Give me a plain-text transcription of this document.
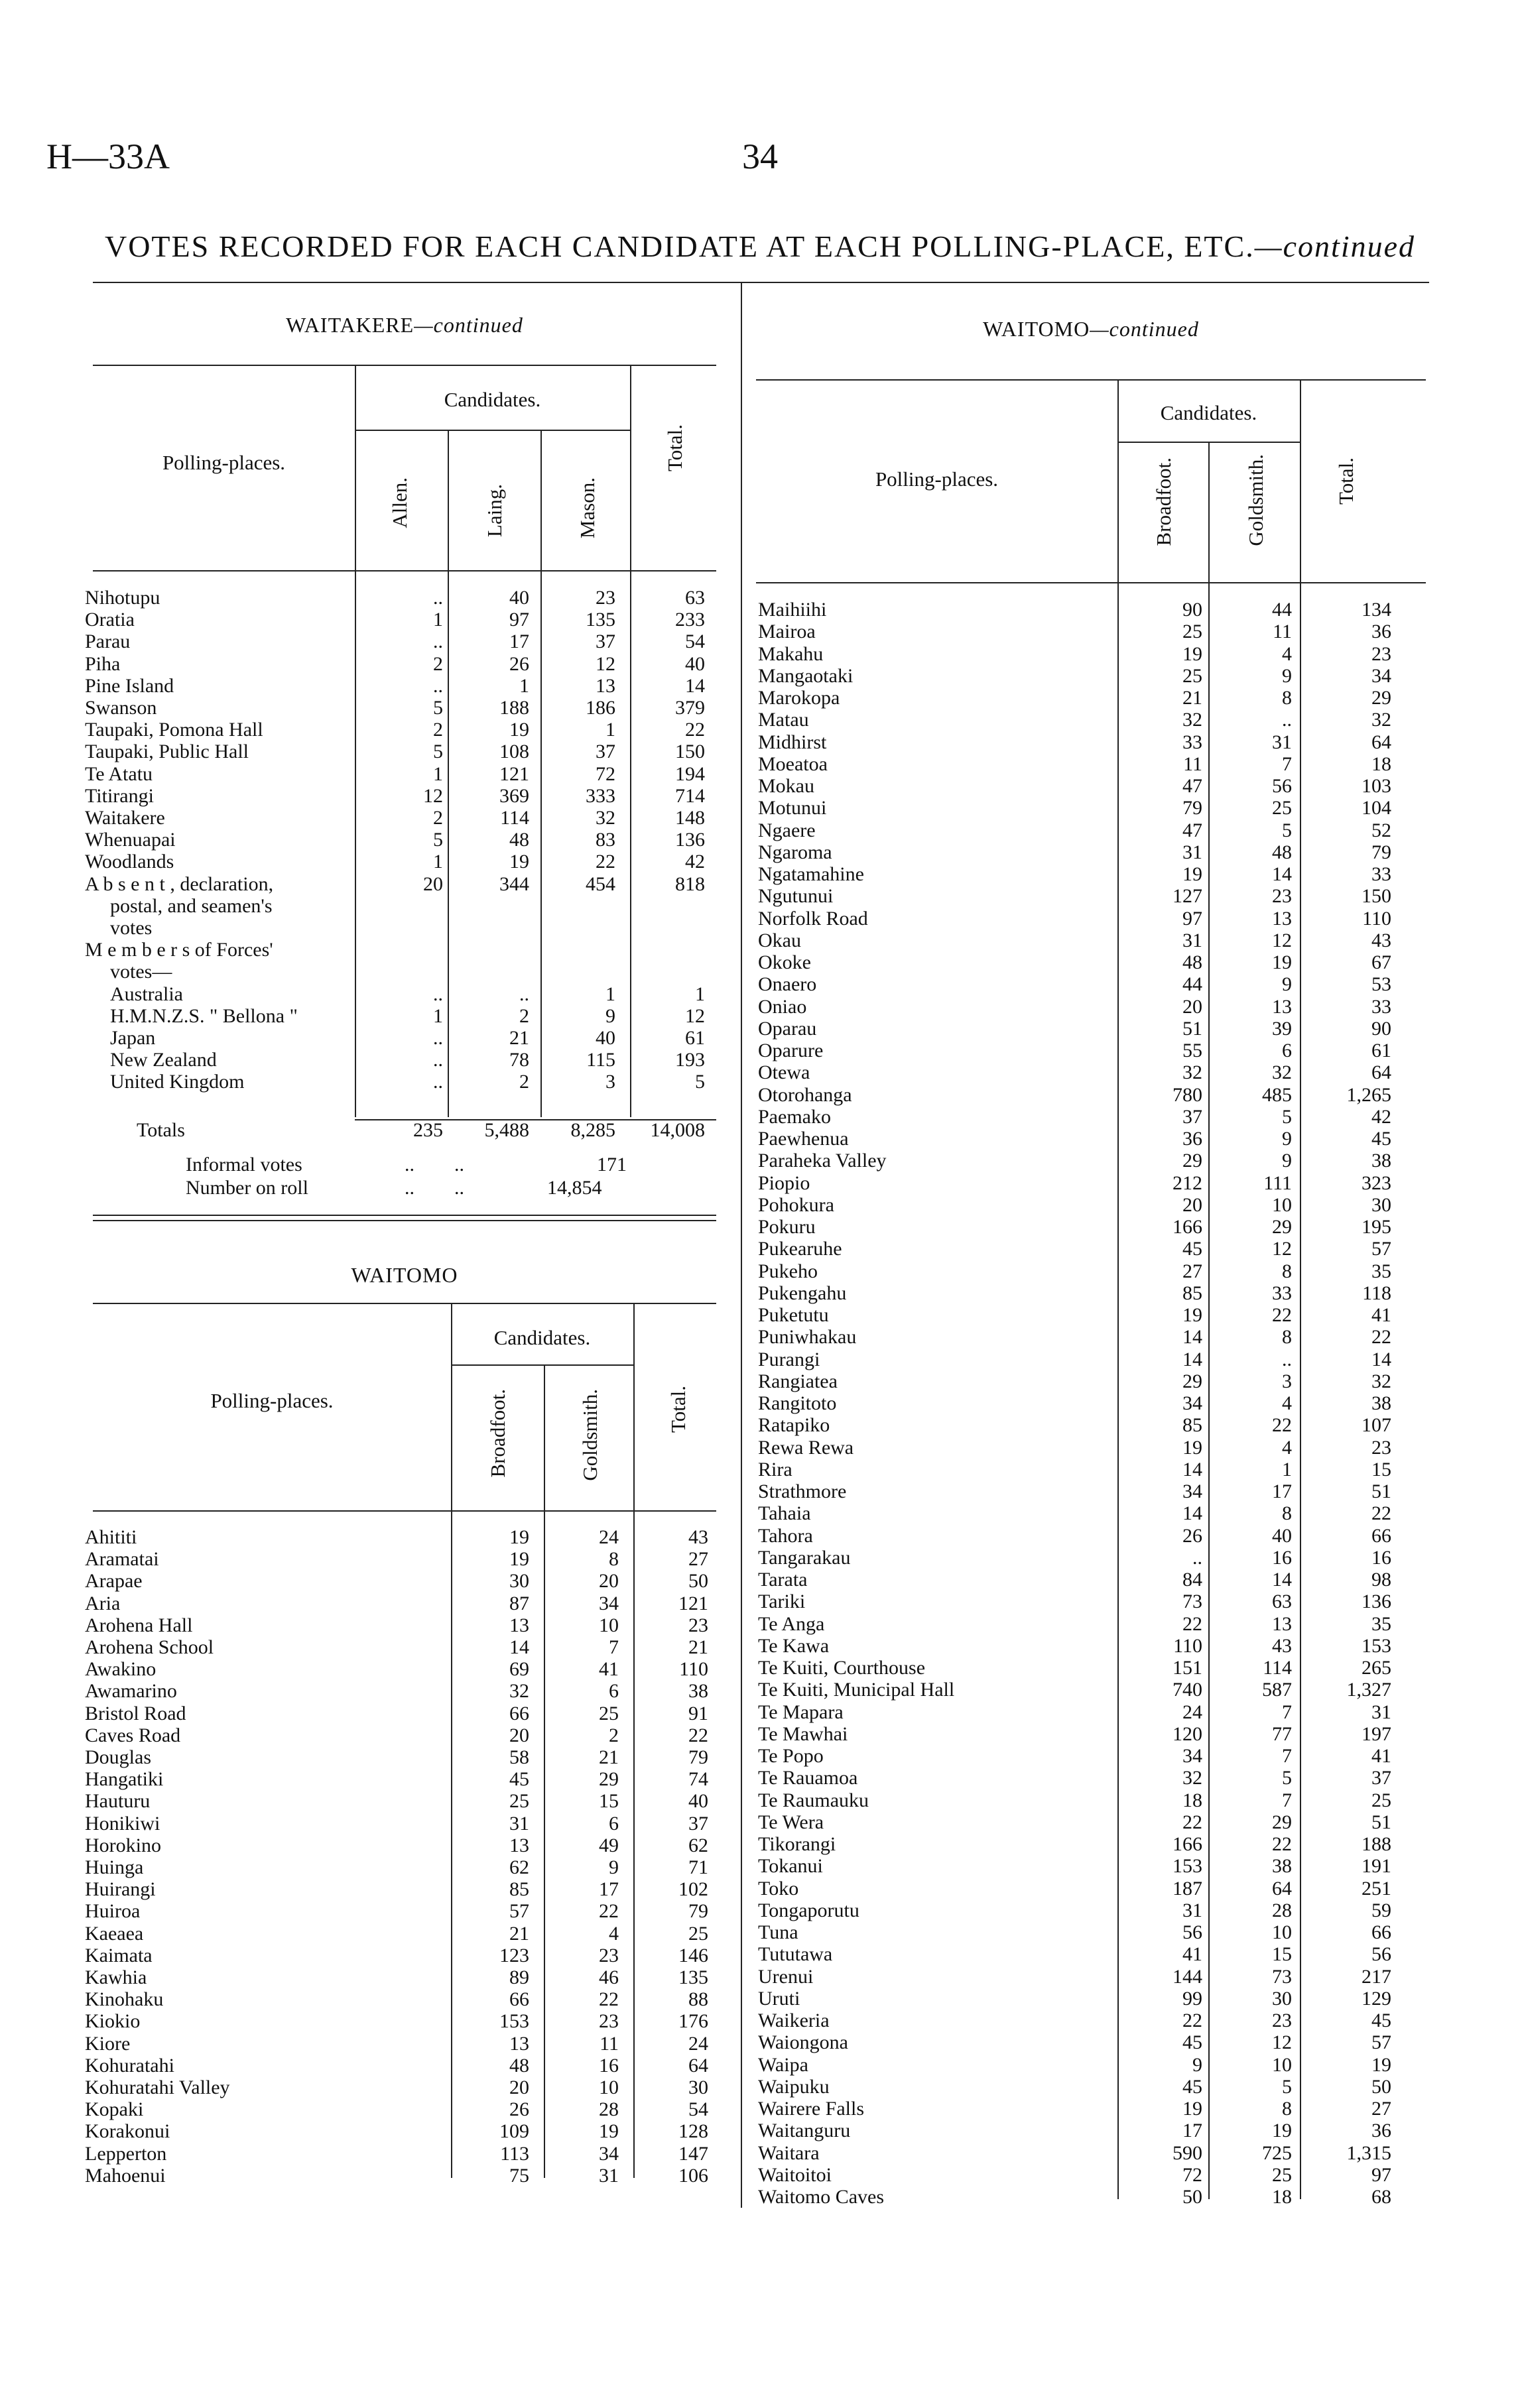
H—33A	34
VOTES RECORDED FOR EACH CANDIDATE AT EACH POLLING-PLACE, ETC.—continued
WAITAKERE—continued
Candidates.
Polling-places.
Allen.	Laing.	Mason.
Total.
Nihotupu	..	40	23	63
Oratia	1	97	135	233
Parau	..	17	37	54
Piha	2	26	12	40
Pine Island	..	1	13	14
Swanson	5	188	186	379
Taupaki, Pomona Hall	2	19	1	22
Taupaki, Public Hall	5	108	37	150
Te Atatu	1	121	72	194
Titirangi	12	369	333	714
Waitakere	2	114	32	148
Whenuapai	5	48	83	136
Woodlands	1	19	22	42
A b s e n t , declaration,	20	344	454	818
postal, and seamen's
votes
M e m b e r s of Forces'
votes—
Australia	..	..	1	1
H.M.N.Z.S. " Bellona "	1	2	9	12
Japan	..	21	40	61
New Zealand	..	78	115	193
United Kingdom	..	2	3	5
Totals	235 5,488 8,285 14,008
Informal votes	..        ..	171
Number on roll	..        ..	14,854
WAITOMO
Candidates.
Polling-places.	Broadfoot.	Goldsmith.	Total.
Ahititi	19	24	43
Aramatai	19	8	27
Arapae	30	20	50
Aria	87	34	121
Arohena Hall	13	10	23
Arohena School	14	7	21
Awakino	69	41	110
Awamarino	32	6	38
Bristol Road	66	25	91
Caves Road	20	2	22
Douglas	58	21	79
Hangatiki	45	29	74
Hauturu	25	15	40
Honikiwi	31	6	37
Horokino	13	49	62
Huinga	62	9	71
Huirangi	85	17	102
Huiroa	57	22	79
Kaeaea	21	4	25
Kaimata	123	23	146
Kawhia	89	46	135
Kinohaku	66	22	88
Kiokio	153	23	176
Kiore	13	11	24
Kohuratahi	48	16	64
Kohuratahi Valley	20	10	30
Kopaki	26	28	54
Korakonui	109	19	128
Lepperton	113	34	147
Mahoenui	75	31	106
WAITOMO—continued
Candidates.
Polling-places.	Broadfoot.	Goldsmith.	Total.
Maihiihi	90	44	134
Mairoa	25	11	36
Makahu	19	4	23
Mangaotaki	25	9	34
Marokopa	21	8	29
Matau	32	..	32
Midhirst	33	31	64
Moeatoa	11	7	18
Mokau	47	56	103
Motunui	79	25	104
Ngaere	47	5	52
Ngaroma	31	48	79
Ngatamahine	19	14	33
Ngutunui	127	23	150
Norfolk Road	97	13	110
Okau	31	12	43
Okoke	48	19	67
Onaero	44	9	53
Oniao	20	13	33
Oparau	51	39	90
Oparure	55	6	61
Otewa	32	32	64
Otorohanga	780	485	1,265
Paemako	37	5	42
Paewhenua	36	9	45
Paraheka Valley	29	9	38
Piopio	212	111	323
Pohokura	20	10	30
Pokuru	166	29	195
Pukearuhe	45	12	57
Pukeho	27	8	35
Pukengahu	85	33	118
Puketutu	19	22	41
Puniwhakau	14	8	22
Purangi	14	..	14
Rangiatea	29	3	32
Rangitoto	34	4	38
Ratapiko	85	22	107
Rewa Rewa	19	4	23
Rira	14	1	15
Strathmore	34	17	51
Tahaia	14	8	22
Tahora	26	40	66
Tangarakau	..	16	16
Tarata	84	14	98
Tariki	73	63	136
Te Anga	22	13	35
Te Kawa	110	43	153
Te Kuiti, Courthouse	151	114	265
Te Kuiti, Municipal Hall	740	587	1,327
Te Mapara	24	7	31
Te Mawhai	120	77	197
Te Popo	34	7	41
Te Rauamoa	32	5	37
Te Raumauku	18	7	25
Te Wera	22	29	51
Tikorangi	166	22	188
Tokanui	153	38	191
Toko	187	64	251
Tongaporutu	31	28	59
Tuna	56	10	66
Tututawa	41	15	56
Urenui	144	73	217
Uruti	99	30	129
Waikeria	22	23	45
Waiongona	45	12	57
Waipa	9	10	19
Waipuku	45	5	50
Wairere Falls	19	8	27
Waitanguru	17	19	36
Waitara	590	725	1,315
Waitoitoi	72	25	97
Waitomo Caves	50	18	68
